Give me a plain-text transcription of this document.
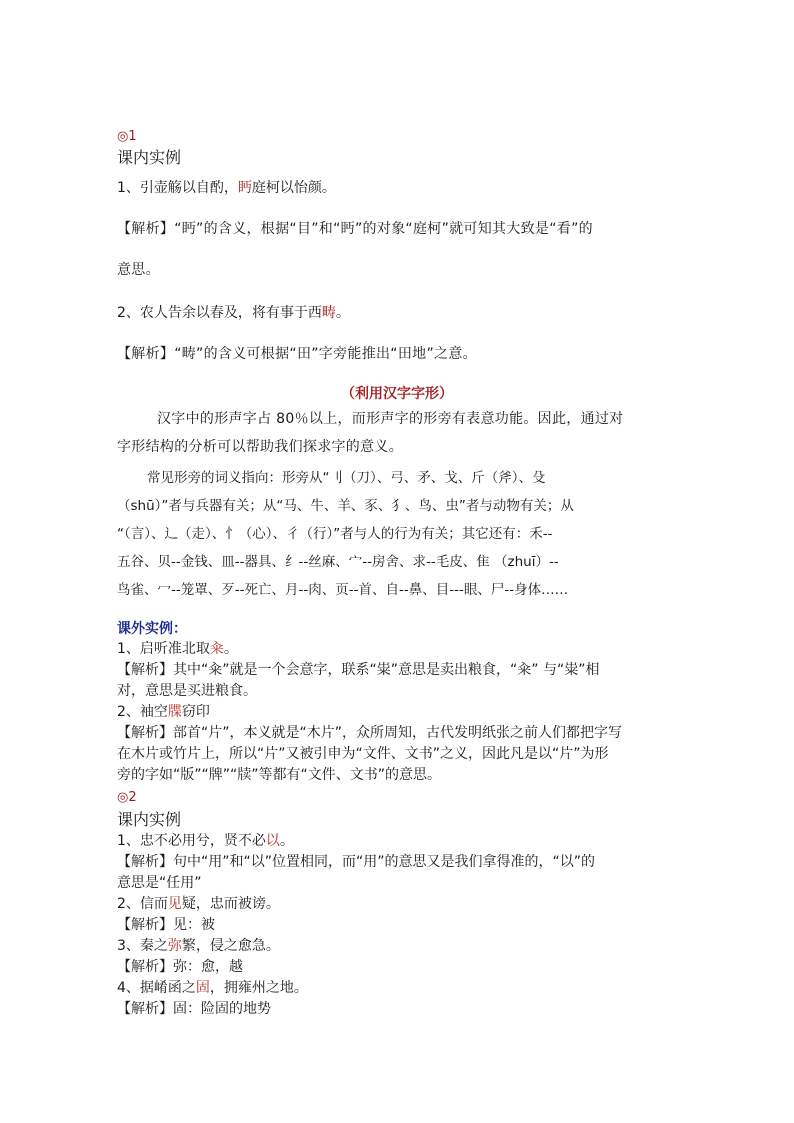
◎1
课内实例
1、引壶觞以自酌，眄庭柯以怡颜。
【解析】“眄”的含义，根据“目”和“眄”的对象“庭柯”就可知其大致是“看”的
意思。
2、农人告余以春及，将有事于西畴。
【解析】“畴”的含义可根据“田”字旁能推出“田地”之意。
（利用汉字字形）
汉字中的形声字占 80％以上，而形声字的形旁有表意功能。因此，通过对
字形结构的分析可以帮助我们探求字的意义。
常见形旁的词义指向：形旁从“刂（刀）、弓、矛、戈、斤（斧）、殳
（shū）”者与兵器有关；从“马、牛、羊、豕、犭、鸟、虫”者与动物有关；从
“（言）、辶（走）、忄（心）、彳（行）”者与人的行为有关；其它还有：禾--
五谷、贝--金钱、皿--器具、纟--丝麻、宀--房舍、求--毛皮、隹 （zhuī）--
鸟雀、冖--笼罩、歹--死亡、月--肉、页--首、自--鼻、目---眼、尸--身体……
课外实例：
1、启听准北取籴。
【解析】其中“籴”就是一个会意字，联系“粜”意思是卖出粮食，“籴” 与“粜”相
对，意思是买进粮食。
2、袖空牒窃印
【解析】部首“片”，本义就是“木片”，众所周知，古代发明纸张之前人们都把字写
在木片或竹片上，所以“片”又被引申为“文件、文书”之义，因此凡是以“片”为形
旁的字如“版”“牌”“牍”等都有“文件、文书”的意思。
◎2
课内实例
1、忠不必用兮，贤不必以。
【解析】句中“用”和“以”位置相同，而“用”的意思又是我们拿得准的，“以”的
意思是“任用”
2、信而见疑，忠而被谤。
【解析】见：被
3、秦之弥繁，侵之愈急。
【解析】弥：愈，越
4、据崤函之固，拥雍州之地。
【解析】固：险固的地势
